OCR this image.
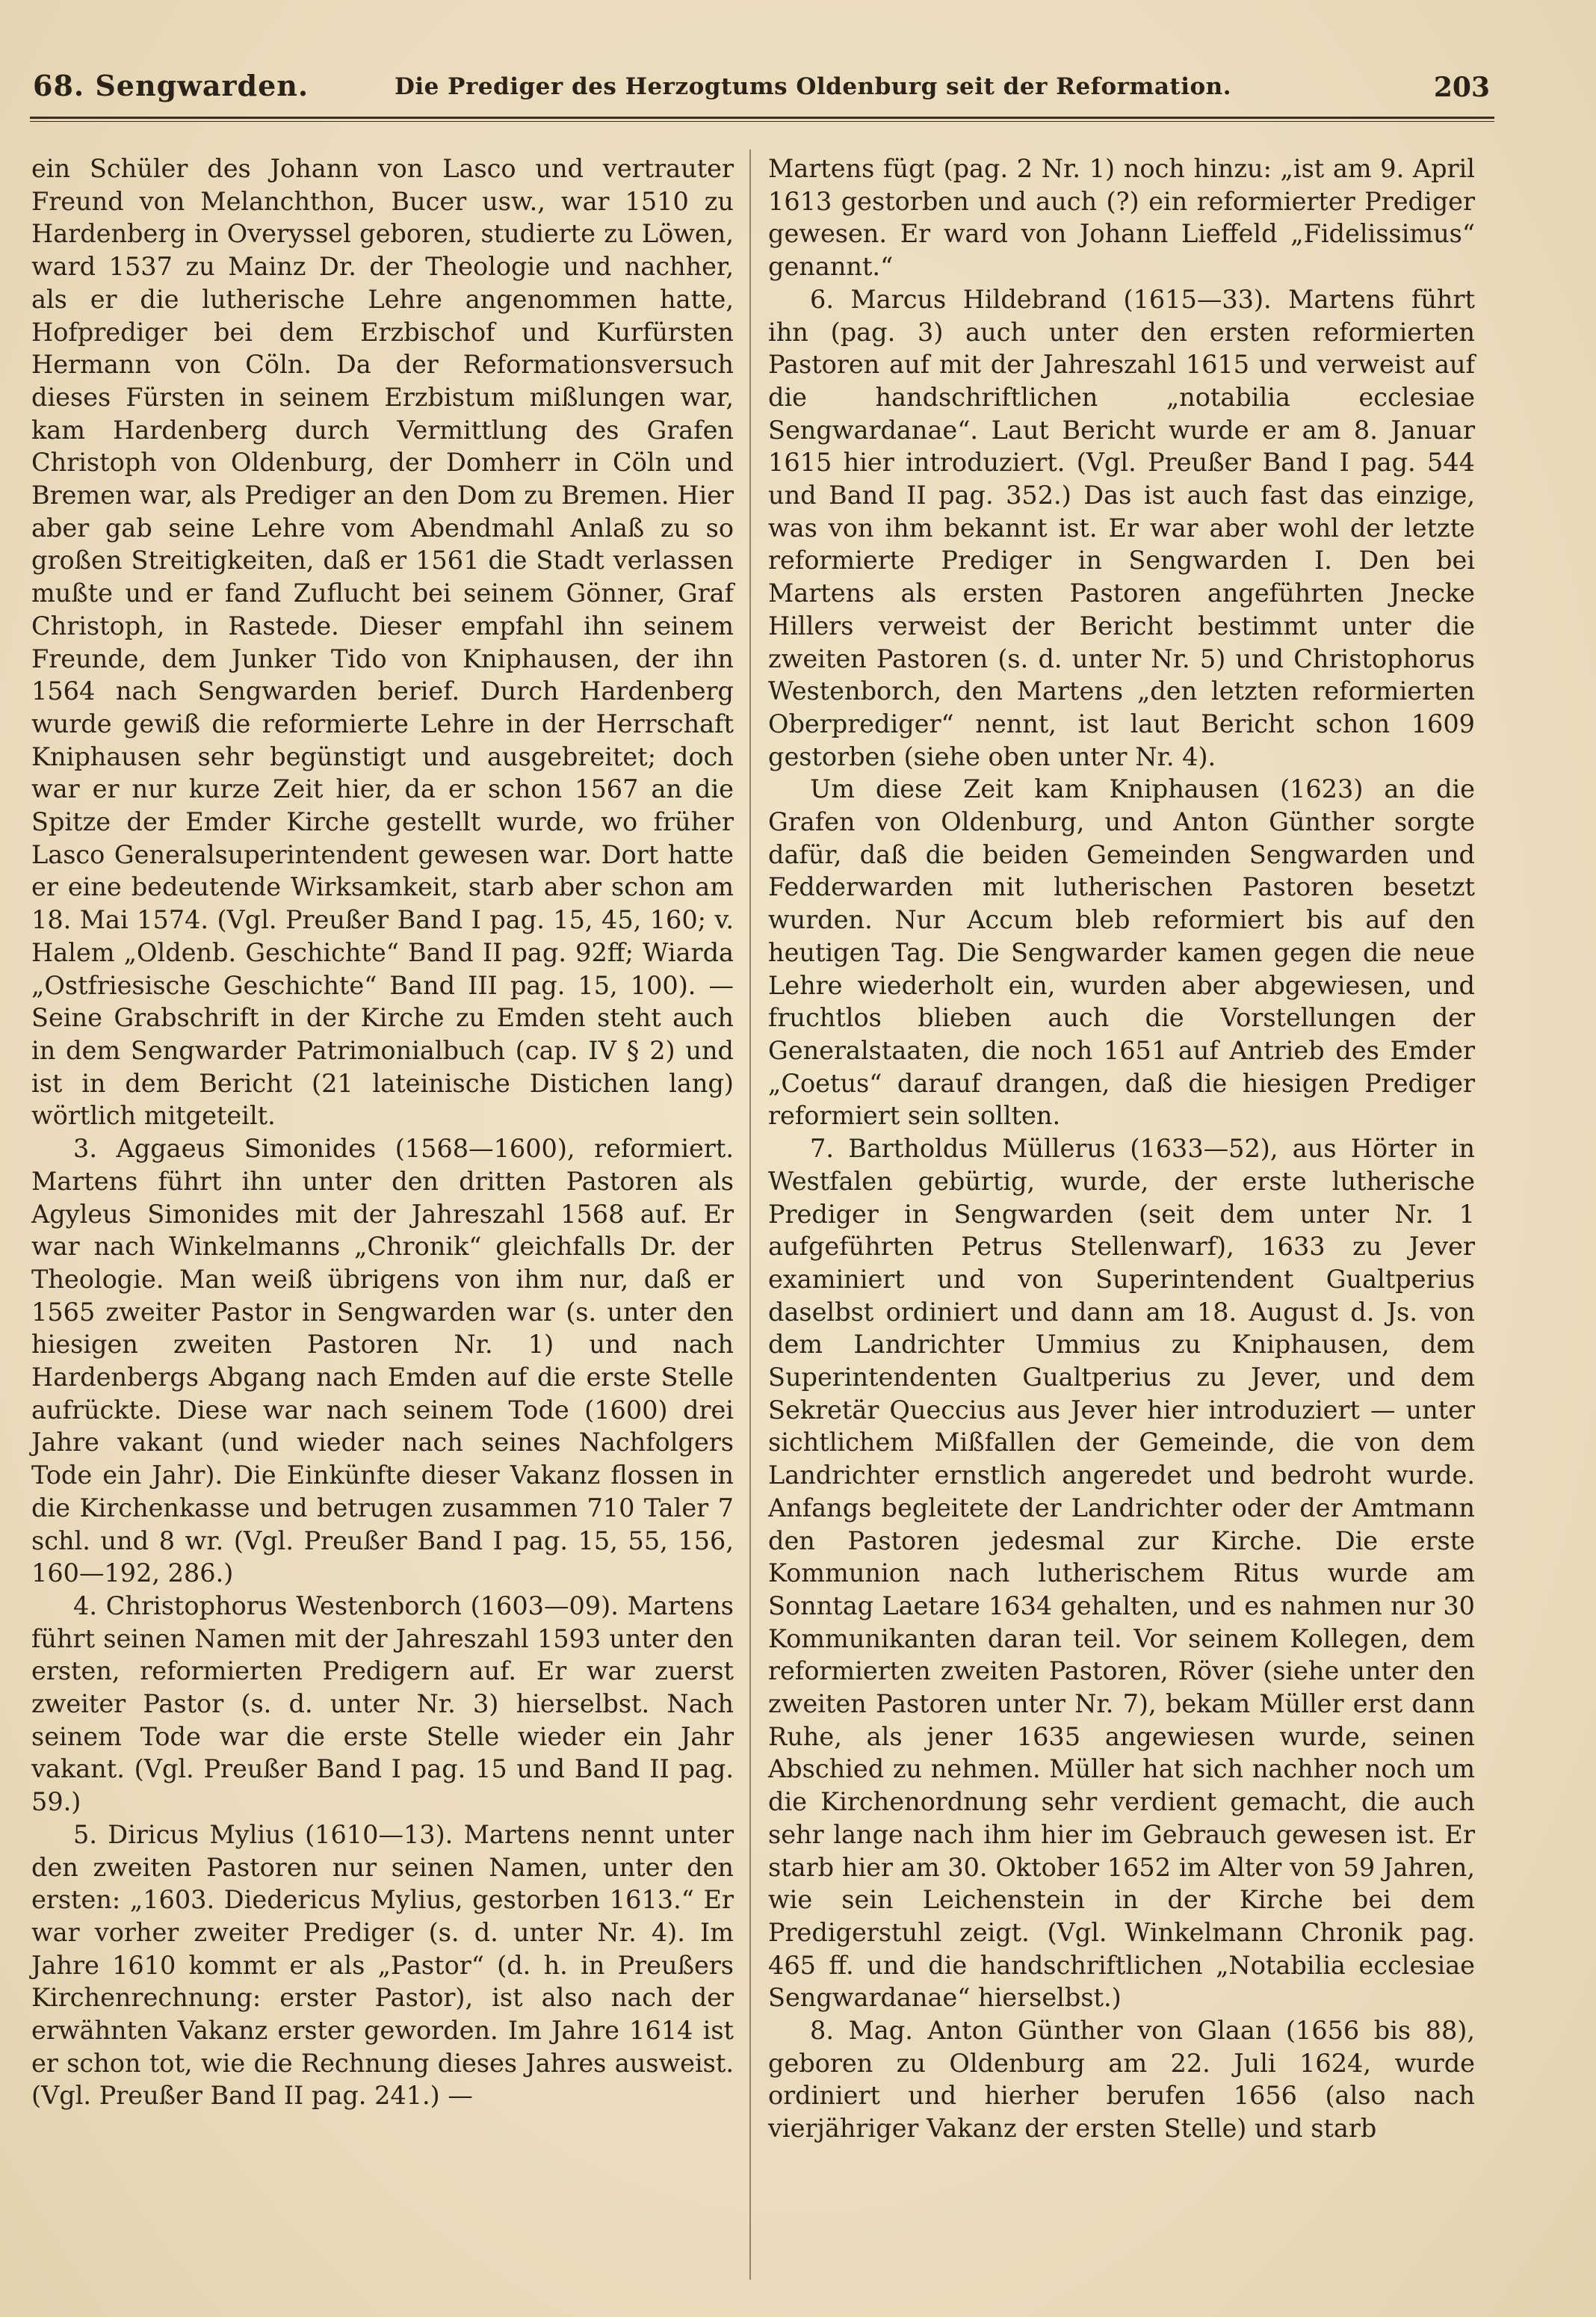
68. Sengwarden.	Die Prediger des Herzogtums Oldenburg seit der Reformation.	203

ein Schüler des Johann von Lasco und vertrauter Freund von Melanchthon, Bucer usw., war 1510 zu Hardenberg in Overyssel geboren, studierte zu Löwen, ward 1537 zu Mainz Dr. der Theologie und nachher, als er die lutherische Lehre angenommen hatte, Hofprediger bei dem Erzbischof und Kurfürsten Hermann von Cöln. Da der Reformationsversuch dieses Fürsten in seinem Erzbistum mißlungen war, kam Hardenberg durch Vermittlung des Grafen Christoph von Oldenburg, der Domherr in Cöln und Bremen war, als Prediger an den Dom zu Bremen. Hier aber gab seine Lehre vom Abendmahl Anlaß zu so großen Streitigkeiten, daß er 1561 die Stadt verlassen mußte und er fand Zuflucht bei seinem Gönner, Graf Christoph, in Rastede. Dieser empfahl ihn seinem Freunde, dem Junker Tido von Kniphausen, der ihn 1564 nach Sengwarden berief. Durch Hardenberg wurde gewiß die reformierte Lehre in der Herrschaft Kniphausen sehr begünstigt und ausgebreitet; doch war er nur kurze Zeit hier, da er schon 1567 an die Spitze der Emder Kirche gestellt wurde, wo früher Lasco Generalsuperintendent gewesen war. Dort hatte er eine bedeutende Wirksamkeit, starb aber schon am 18. Mai 1574. (Vgl. Preußer Band I pag. 15, 45, 160; v. Halem „Oldenb. Geschichte“ Band II pag. 92ff; Wiarda „Ostfriesische Geschichte“ Band III pag. 15, 100). — Seine Grabschrift in der Kirche zu Emden steht auch in dem Sengwarder Patrimonialbuch (cap. IV § 2) und ist in dem Bericht (21 lateinische Distichen lang) wörtlich mitgeteilt.

3. Aggaeus Simonides (1568—1600), reformiert. Martens führt ihn unter den dritten Pastoren als Agyleus Simonides mit der Jahreszahl 1568 auf. Er war nach Winkelmanns „Chronik“ gleichfalls Dr. der Theologie. Man weiß übrigens von ihm nur, daß er 1565 zweiter Pastor in Sengwarden war (s. unter den hiesigen zweiten Pastoren Nr. 1) und nach Hardenbergs Abgang nach Emden auf die erste Stelle aufrückte. Diese war nach seinem Tode (1600) drei Jahre vakant (und wieder nach seines Nachfolgers Tode ein Jahr). Die Einkünfte dieser Vakanz flossen in die Kirchenkasse und betrugen zusammen 710 Taler 7 schl. und 8 wr. (Vgl. Preußer Band I pag. 15, 55, 156, 160—192, 286.)

4. Christophorus Westenborch (1603—09). Martens führt seinen Namen mit der Jahreszahl 1593 unter den ersten, reformierten Predigern auf. Er war zuerst zweiter Pastor (s. d. unter Nr. 3) hierselbst. Nach seinem Tode war die erste Stelle wieder ein Jahr vakant. (Vgl. Preußer Band I pag. 15 und Band II pag. 59.)

5. Diricus Mylius (1610—13). Martens nennt unter den zweiten Pastoren nur seinen Namen, unter den ersten: „1603. Diedericus Mylius, gestorben 1613.“ Er war vorher zweiter Prediger (s. d. unter Nr. 4). Im Jahre 1610 kommt er als „Pastor“ (d. h. in Preußers Kirchenrechnung: erster Pastor), ist also nach der erwähnten Vakanz erster geworden. Im Jahre 1614 ist er schon tot, wie die Rechnung dieses Jahres ausweist. (Vgl. Preußer Band II pag. 241.) —

Martens fügt (pag. 2 Nr. 1) noch hinzu: „ist am 9. April 1613 gestorben und auch (?) ein reformierter Prediger gewesen. Er ward von Johann Lieffeld „Fidelissimus“ genannt.“

6. Marcus Hildebrand (1615—33). Martens führt ihn (pag. 3) auch unter den ersten reformierten Pastoren auf mit der Jahreszahl 1615 und verweist auf die handschriftlichen „notabilia ecclesiae Sengwardanae“. Laut Bericht wurde er am 8. Januar 1615 hier introduziert. (Vgl. Preußer Band I pag. 544 und Band II pag. 352.) Das ist auch fast das einzige, was von ihm bekannt ist. Er war aber wohl der letzte reformierte Prediger in Sengwarden I. Den bei Martens als ersten Pastoren angeführten Jnecke Hillers verweist der Bericht bestimmt unter die zweiten Pastoren (s. d. unter Nr. 5) und Christophorus Westenborch, den Martens „den letzten reformierten Oberprediger“ nennt, ist laut Bericht schon 1609 gestorben (siehe oben unter Nr. 4).

Um diese Zeit kam Kniphausen (1623) an die Grafen von Oldenburg, und Anton Günther sorgte dafür, daß die beiden Gemeinden Sengwarden und Fedderwarden mit lutherischen Pastoren besetzt wurden. Nur Accum bleb reformiert bis auf den heutigen Tag. Die Sengwarder kamen gegen die neue Lehre wiederholt ein, wurden aber abgewiesen, und fruchtlos blieben auch die Vorstellungen der Generalstaaten, die noch 1651 auf Antrieb des Emder „Coetus“ darauf drangen, daß die hiesigen Prediger reformiert sein sollten.

7. Bartholdus Müllerus (1633—52), aus Hörter in Westfalen gebürtig, wurde, der erste lutherische Prediger in Sengwarden (seit dem unter Nr. 1 aufgeführten Petrus Stellenwarf), 1633 zu Jever examiniert und von Superintendent Gualtperius daselbst ordiniert und dann am 18. August d. Js. von dem Landrichter Ummius zu Kniphausen, dem Superintendenten Gualtperius zu Jever, und dem Sekretär Queccius aus Jever hier introduziert — unter sichtlichem Mißfallen der Gemeinde, die von dem Landrichter ernstlich angeredet und bedroht wurde. Anfangs begleitete der Landrichter oder der Amtmann den Pastoren jedesmal zur Kirche. Die erste Kommunion nach lutherischem Ritus wurde am Sonntag Laetare 1634 gehalten, und es nahmen nur 30 Kommunikanten daran teil. Vor seinem Kollegen, dem reformierten zweiten Pastoren, Röver (siehe unter den zweiten Pastoren unter Nr. 7), bekam Müller erst dann Ruhe, als jener 1635 angewiesen wurde, seinen Abschied zu nehmen. Müller hat sich nachher noch um die Kirchenordnung sehr verdient gemacht, die auch sehr lange nach ihm hier im Gebrauch gewesen ist. Er starb hier am 30. Oktober 1652 im Alter von 59 Jahren, wie sein Leichenstein in der Kirche bei dem Predigerstuhl zeigt. (Vgl. Winkelmann Chronik pag. 465 ff. und die handschriftlichen „Notabilia ecclesiae Sengwardanae“ hierselbst.)

8. Mag. Anton Günther von Glaan (1656 bis 88), geboren zu Oldenburg am 22. Juli 1624, wurde ordiniert und hierher berufen 1656 (also nach vierjähriger Vakanz der ersten Stelle) und starb
